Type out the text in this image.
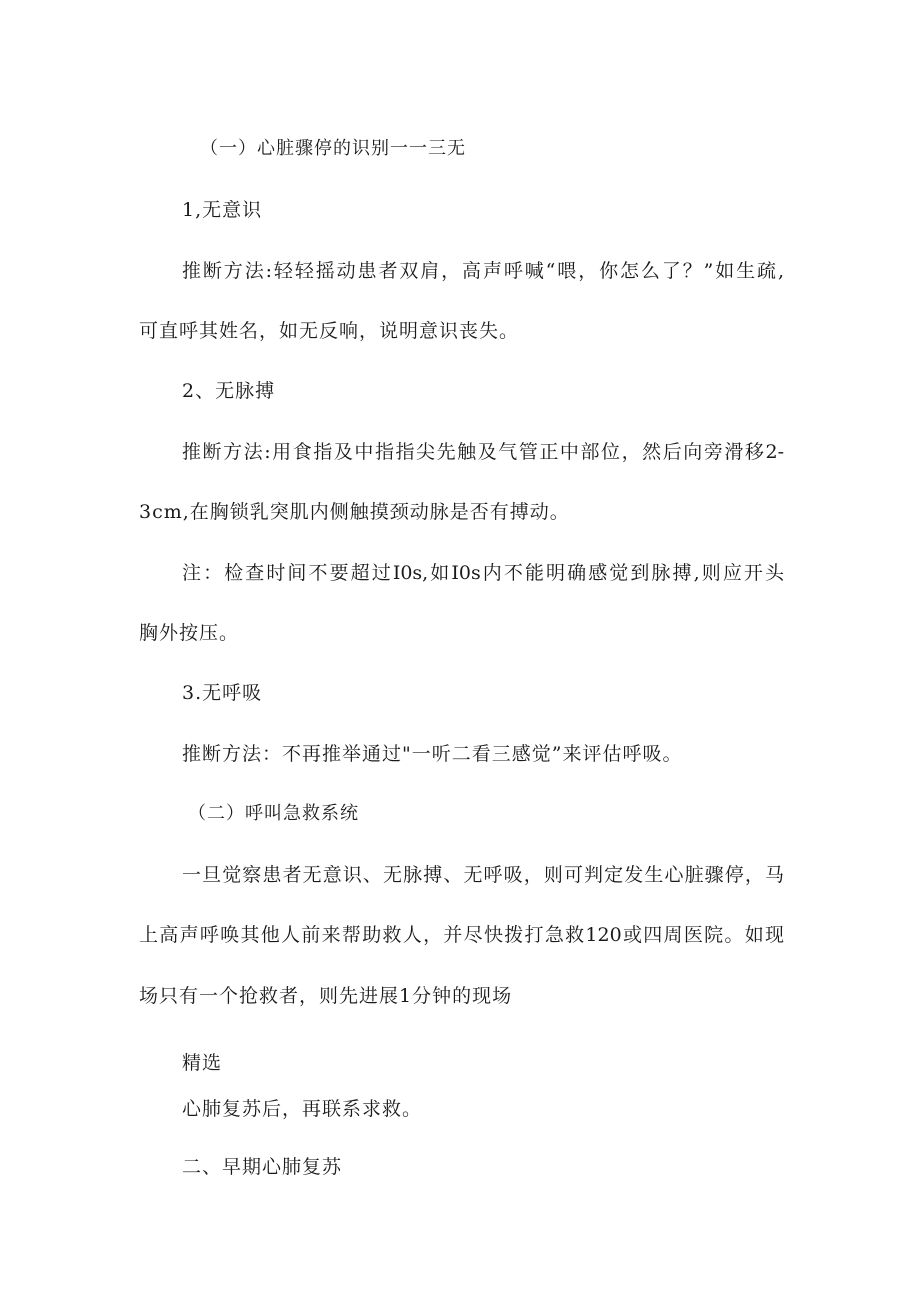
（一）心脏骤停的识别一一三无

1,无意识

推断方法:轻轻摇动患者双肩，高声呼喊“喂，你怎么了？”如生疏,

可直呼其姓名，如无反响，说明意识丧失。

2、无脉搏

推断方法:用食指及中指指尖先触及气管正中部位，然后向旁滑移2-

3cm,在胸锁乳突肌内侧触摸颈动脉是否有搏动。

注：检查时间不要超过I0s,如I0s内不能明确感觉到脉搏,则应开头

胸外按压。

3.无呼吸

推断方法：不再推举通过"一听二看三感觉”来评估呼吸。

（二）呼叫急救系统

一旦觉察患者无意识、无脉搏、无呼吸，则可判定发生心脏骤停，马

上高声呼唤其他人前来帮助救人，并尽快拨打急救120或四周医院。如现

场只有一个抢救者，则先进展1分钟的现场

精选

心肺复苏后，再联系求救。

二、早期心肺复苏
